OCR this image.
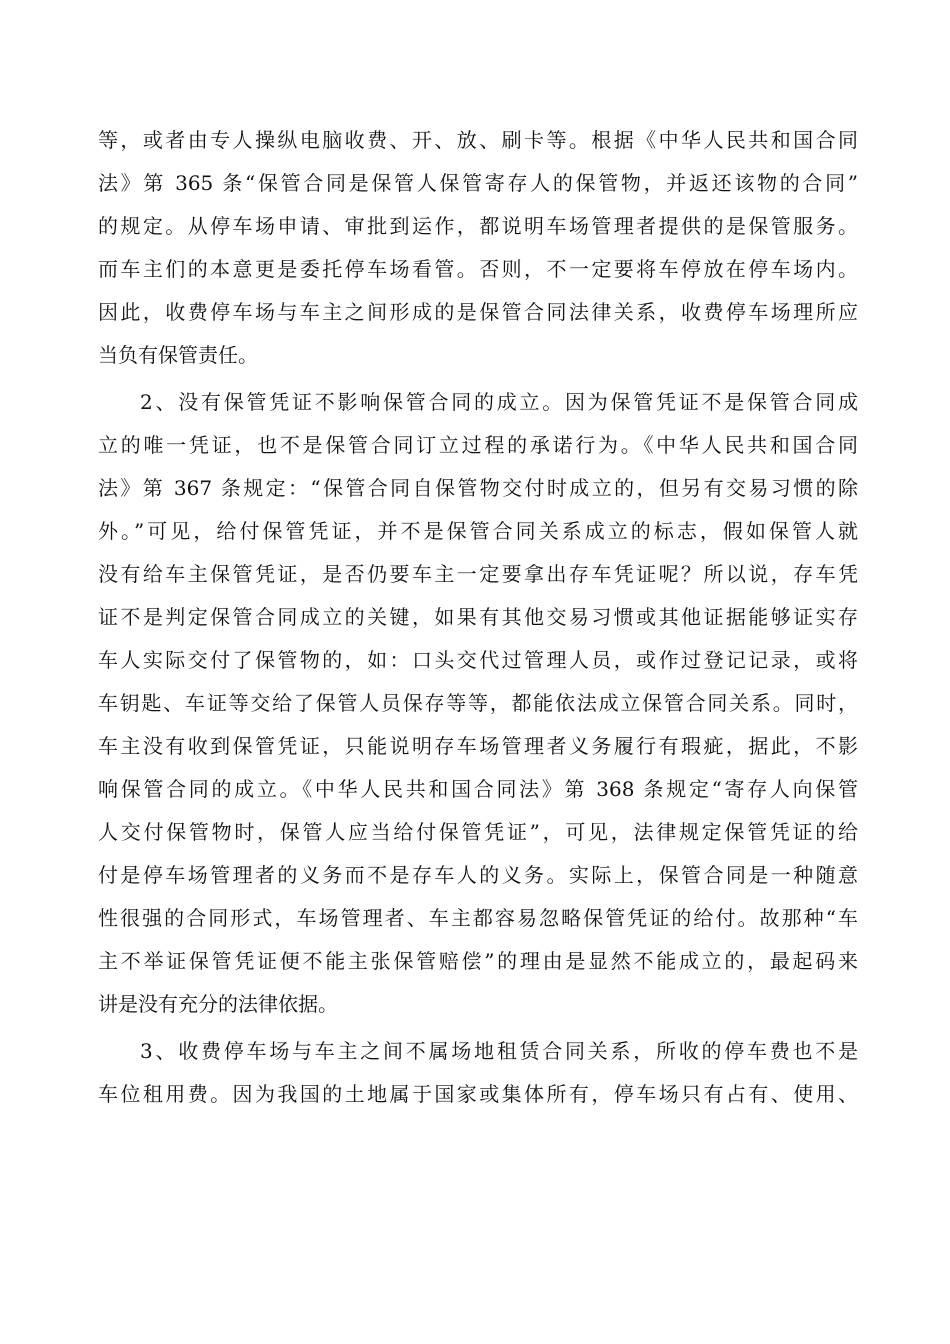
等，或者由专人操纵电脑收费、开、放、刷卡等。根据《中华人民共和国合同
法》第 365 条“保管合同是保管人保管寄存人的保管物，并返还该物的合同”
的规定。从停车场申请、审批到运作，都说明车场管理者提供的是保管服务。
而车主们的本意更是委托停车场看管。否则，不一定要将车停放在停车场内。
因此，收费停车场与车主之间形成的是保管合同法律关系，收费停车场理所应
当负有保管责任。
2、没有保管凭证不影响保管合同的成立。因为保管凭证不是保管合同成
立的唯一凭证，也不是保管合同订立过程的承诺行为。《中华人民共和国合同
法》第 367 条规定：“保管合同自保管物交付时成立的，但另有交易习惯的除
外。”可见，给付保管凭证，并不是保管合同关系成立的标志，假如保管人就
没有给车主保管凭证，是否仍要车主一定要拿出存车凭证呢？所以说，存车凭
证不是判定保管合同成立的关键，如果有其他交易习惯或其他证据能够证实存
车人实际交付了保管物的，如：口头交代过管理人员，或作过登记记录，或将
车钥匙、车证等交给了保管人员保存等等，都能依法成立保管合同关系。同时，
车主没有收到保管凭证，只能说明存车场管理者义务履行有瑕疵，据此，不影
响保管合同的成立。《中华人民共和国合同法》第 368 条规定“寄存人向保管
人交付保管物时，保管人应当给付保管凭证”，可见，法律规定保管凭证的给
付是停车场管理者的义务而不是存车人的义务。实际上，保管合同是一种随意
性很强的合同形式，车场管理者、车主都容易忽略保管凭证的给付。故那种“车
主不举证保管凭证便不能主张保管赔偿”的理由是显然不能成立的，最起码来
讲是没有充分的法律依据。
3、收费停车场与车主之间不属场地租赁合同关系，所收的停车费也不是
车位租用费。因为我国的土地属于国家或集体所有，停车场只有占有、使用、
